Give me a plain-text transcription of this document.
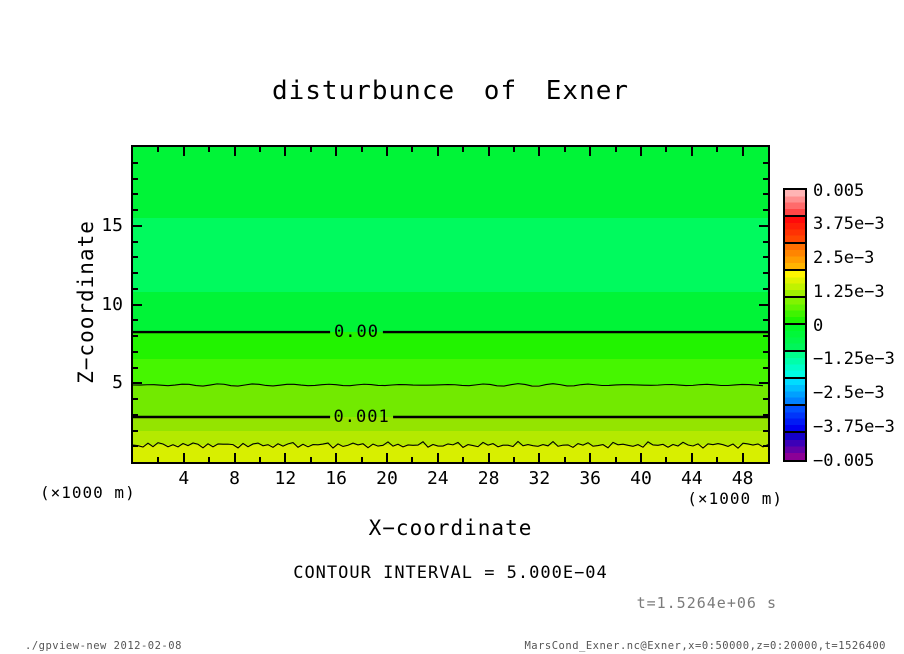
disturbunce of Exner
Z−coordinate	0.00
0.001
(×1000 m)	(×1000 m)
X−coordinate
CONTOUR INTERVAL = 5.000E−04
t=1.5264e+06 s
./gpview-new 2012-02-08	MarsCond_Exner.nc@Exner,x=0:50000,z=0:20000,t=1526400
4 8 12 16 20 24 28 32 36 40 44 48
5
10
15
0.005
3.75e−3
2.5e−3
1.25e−3
0
−1.25e−3
−2.5e−3
−3.75e−3
−0.005
